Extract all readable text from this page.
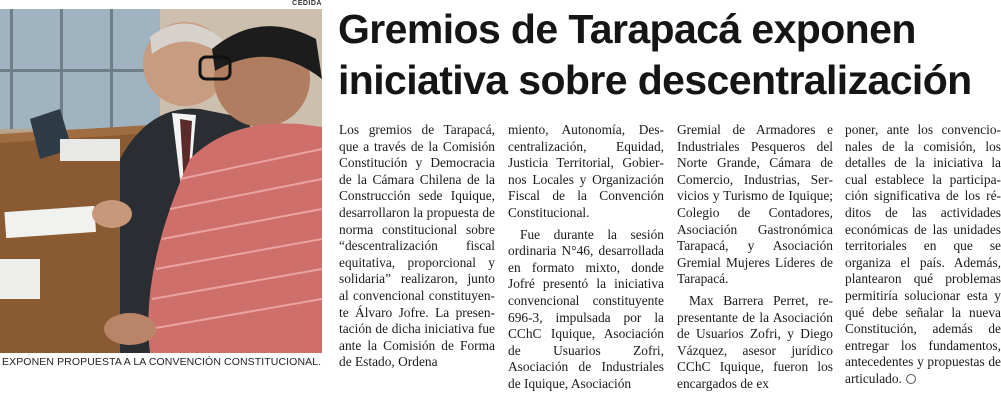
CEDIDA
EXPONEN PROPUESTA A LA CONVENCIÓN CONSTITUCIONAL.
Gremios de Tarapacá exponen
iniciativa sobre descentralización

Los gremios de Tarapacá, que a través de la Comisión Constitución y Democracia de la Cámara Chilena de la Construcción sede Iquique, desarrollaron la propuesta de norma constitucional sobre “descentralización fiscal equitativa, proporcional y solidaria” realizaron, junto al convencional constituyente Álvaro Jofre. La presentación de dicha iniciativa fue ante la Comisión de Forma de Estado, Ordena

miento, Autonomía, Descentralización, Equidad, Justicia Territorial, Gobiernos Locales y Organización Fiscal de la Convención Constitucional.

Fue durante la sesión ordinaria N°46, desarrollada en formato mixto, donde Jofré presentó la iniciativa convencional constituyente 696-3, impulsada por la CChC Iquique, Asociación de Usuarios Zofri, Asociación de Industriales de Iquique, Asociación

Gremial de Armadores e Industriales Pesqueros del Norte Grande, Cámara de Comercio, Industrias, Servicios y Turismo de Iquique; Colegio de Contadores, Asociación Gastronómica Tarapacá, y Asociación Gremial Mujeres Líderes de Tarapacá.

Max Barrera Perret, representante de la Asociación de Usuarios Zofri, y Diego Vázquez, asesor jurídico CChC Iquique, fueron los encargados de ex

poner, ante los convencionales de la comisión, los detalles de la iniciativa la cual establece la participación significativa de los réditos de las actividades económicas de las unidades territoriales en que se organiza el país. Además, plantearon qué problemas permitiría solucionar esta y qué debe señalar la nueva Constitución, además de entregar los fundamentos, antecedentes y propuestas de articulado.
